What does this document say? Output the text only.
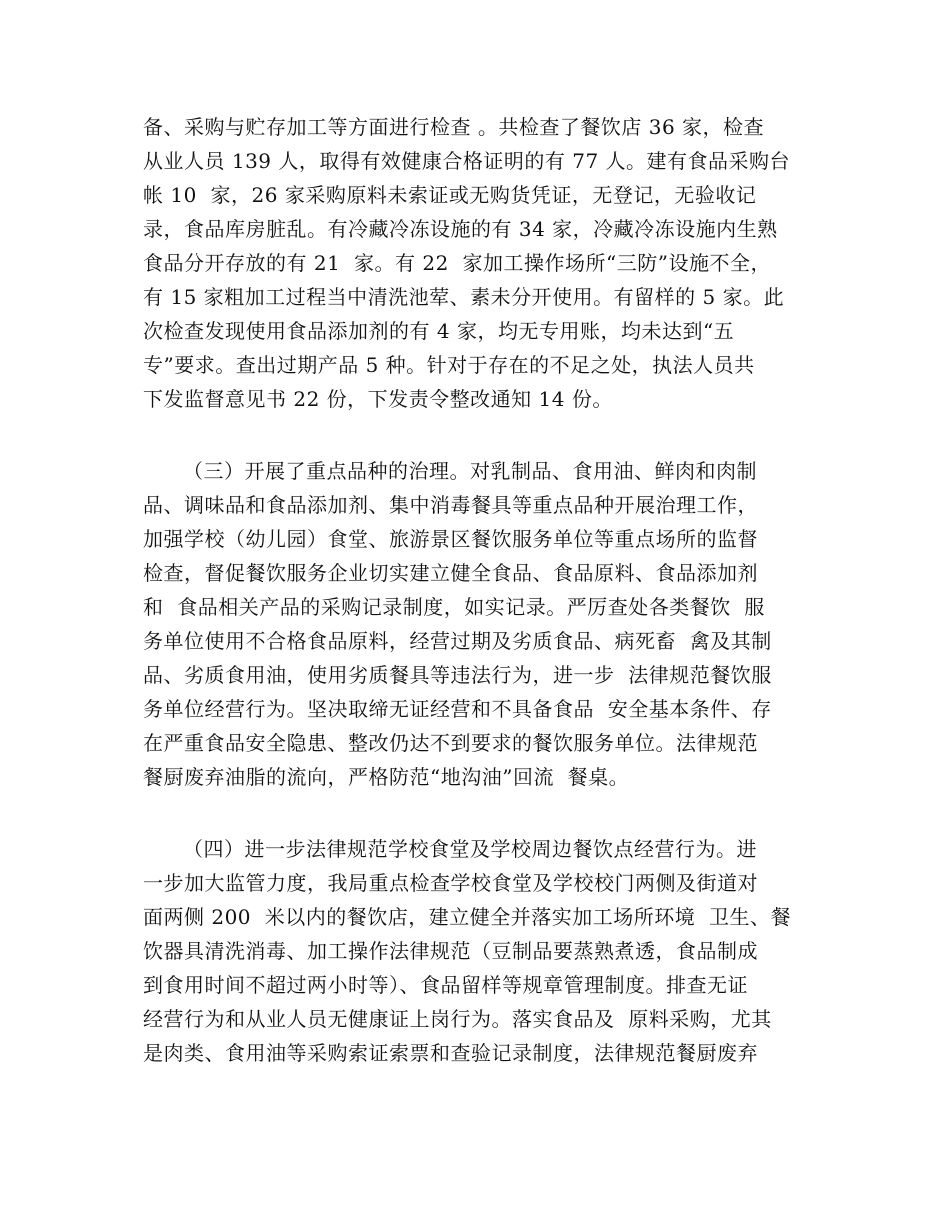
备、采购与贮存加工等方面进行检查 。共检查了餐饮店 36 家，检查
从业人员 139 人，取得有效健康合格证明的有 77 人。建有食品采购台
帐 10  家，26 家采购原料未索证或无购货凭证，无登记，无验收记
录，食品库房脏乱。有冷藏冷冻设施的有 34 家，冷藏冷冻设施内生熟
食品分开存放的有 21  家。有 22  家加工操作场所“三防”设施不全，
有 15 家粗加工过程当中清洗池荤、素未分开使用。有留样的 5 家。此
次检查发现使用食品添加剂的有 4 家，均无专用账，均未达到“五
专”要求。查出过期产品 5 种。针对于存在的不足之处，执法人员共
下发监督意见书 22 份，下发责令整改通知 14 份。
（三）开展了重点品种的治理。对乳制品、食用油、鲜肉和肉制
品、调味品和食品添加剂、集中消毒餐具等重点品种开展治理工作，
加强学校（幼儿园）食堂、旅游景区餐饮服务单位等重点场所的监督
检查，督促餐饮服务企业切实建立健全食品、食品原料、食品添加剂
和  食品相关产品的采购记录制度，如实记录。严厉查处各类餐饮  服
务单位使用不合格食品原料，经营过期及劣质食品、病死畜  禽及其制
品、劣质食用油，使用劣质餐具等违法行为，进一步  法律规范餐饮服
务单位经营行为。坚决取缔无证经营和不具备食品  安全基本条件、存
在严重食品安全隐患、整改仍达不到要求的餐饮服务单位。法律规范
餐厨废弃油脂的流向，严格防范“地沟油”回流  餐桌。
（四）进一步法律规范学校食堂及学校周边餐饮点经营行为。进
一步加大监管力度，我局重点检查学校食堂及学校校门两侧及街道对
面两侧 200  米以内的餐饮店，建立健全并落实加工场所环境  卫生、餐
饮器具清洗消毒、加工操作法律规范（豆制品要蒸熟煮透，食品制成
到食用时间不超过两小时等）、食品留样等规章管理制度。排查无证
经营行为和从业人员无健康证上岗行为。落实食品及  原料采购，尤其
是肉类、食用油等采购索证索票和查验记录制度，法律规范餐厨废弃
